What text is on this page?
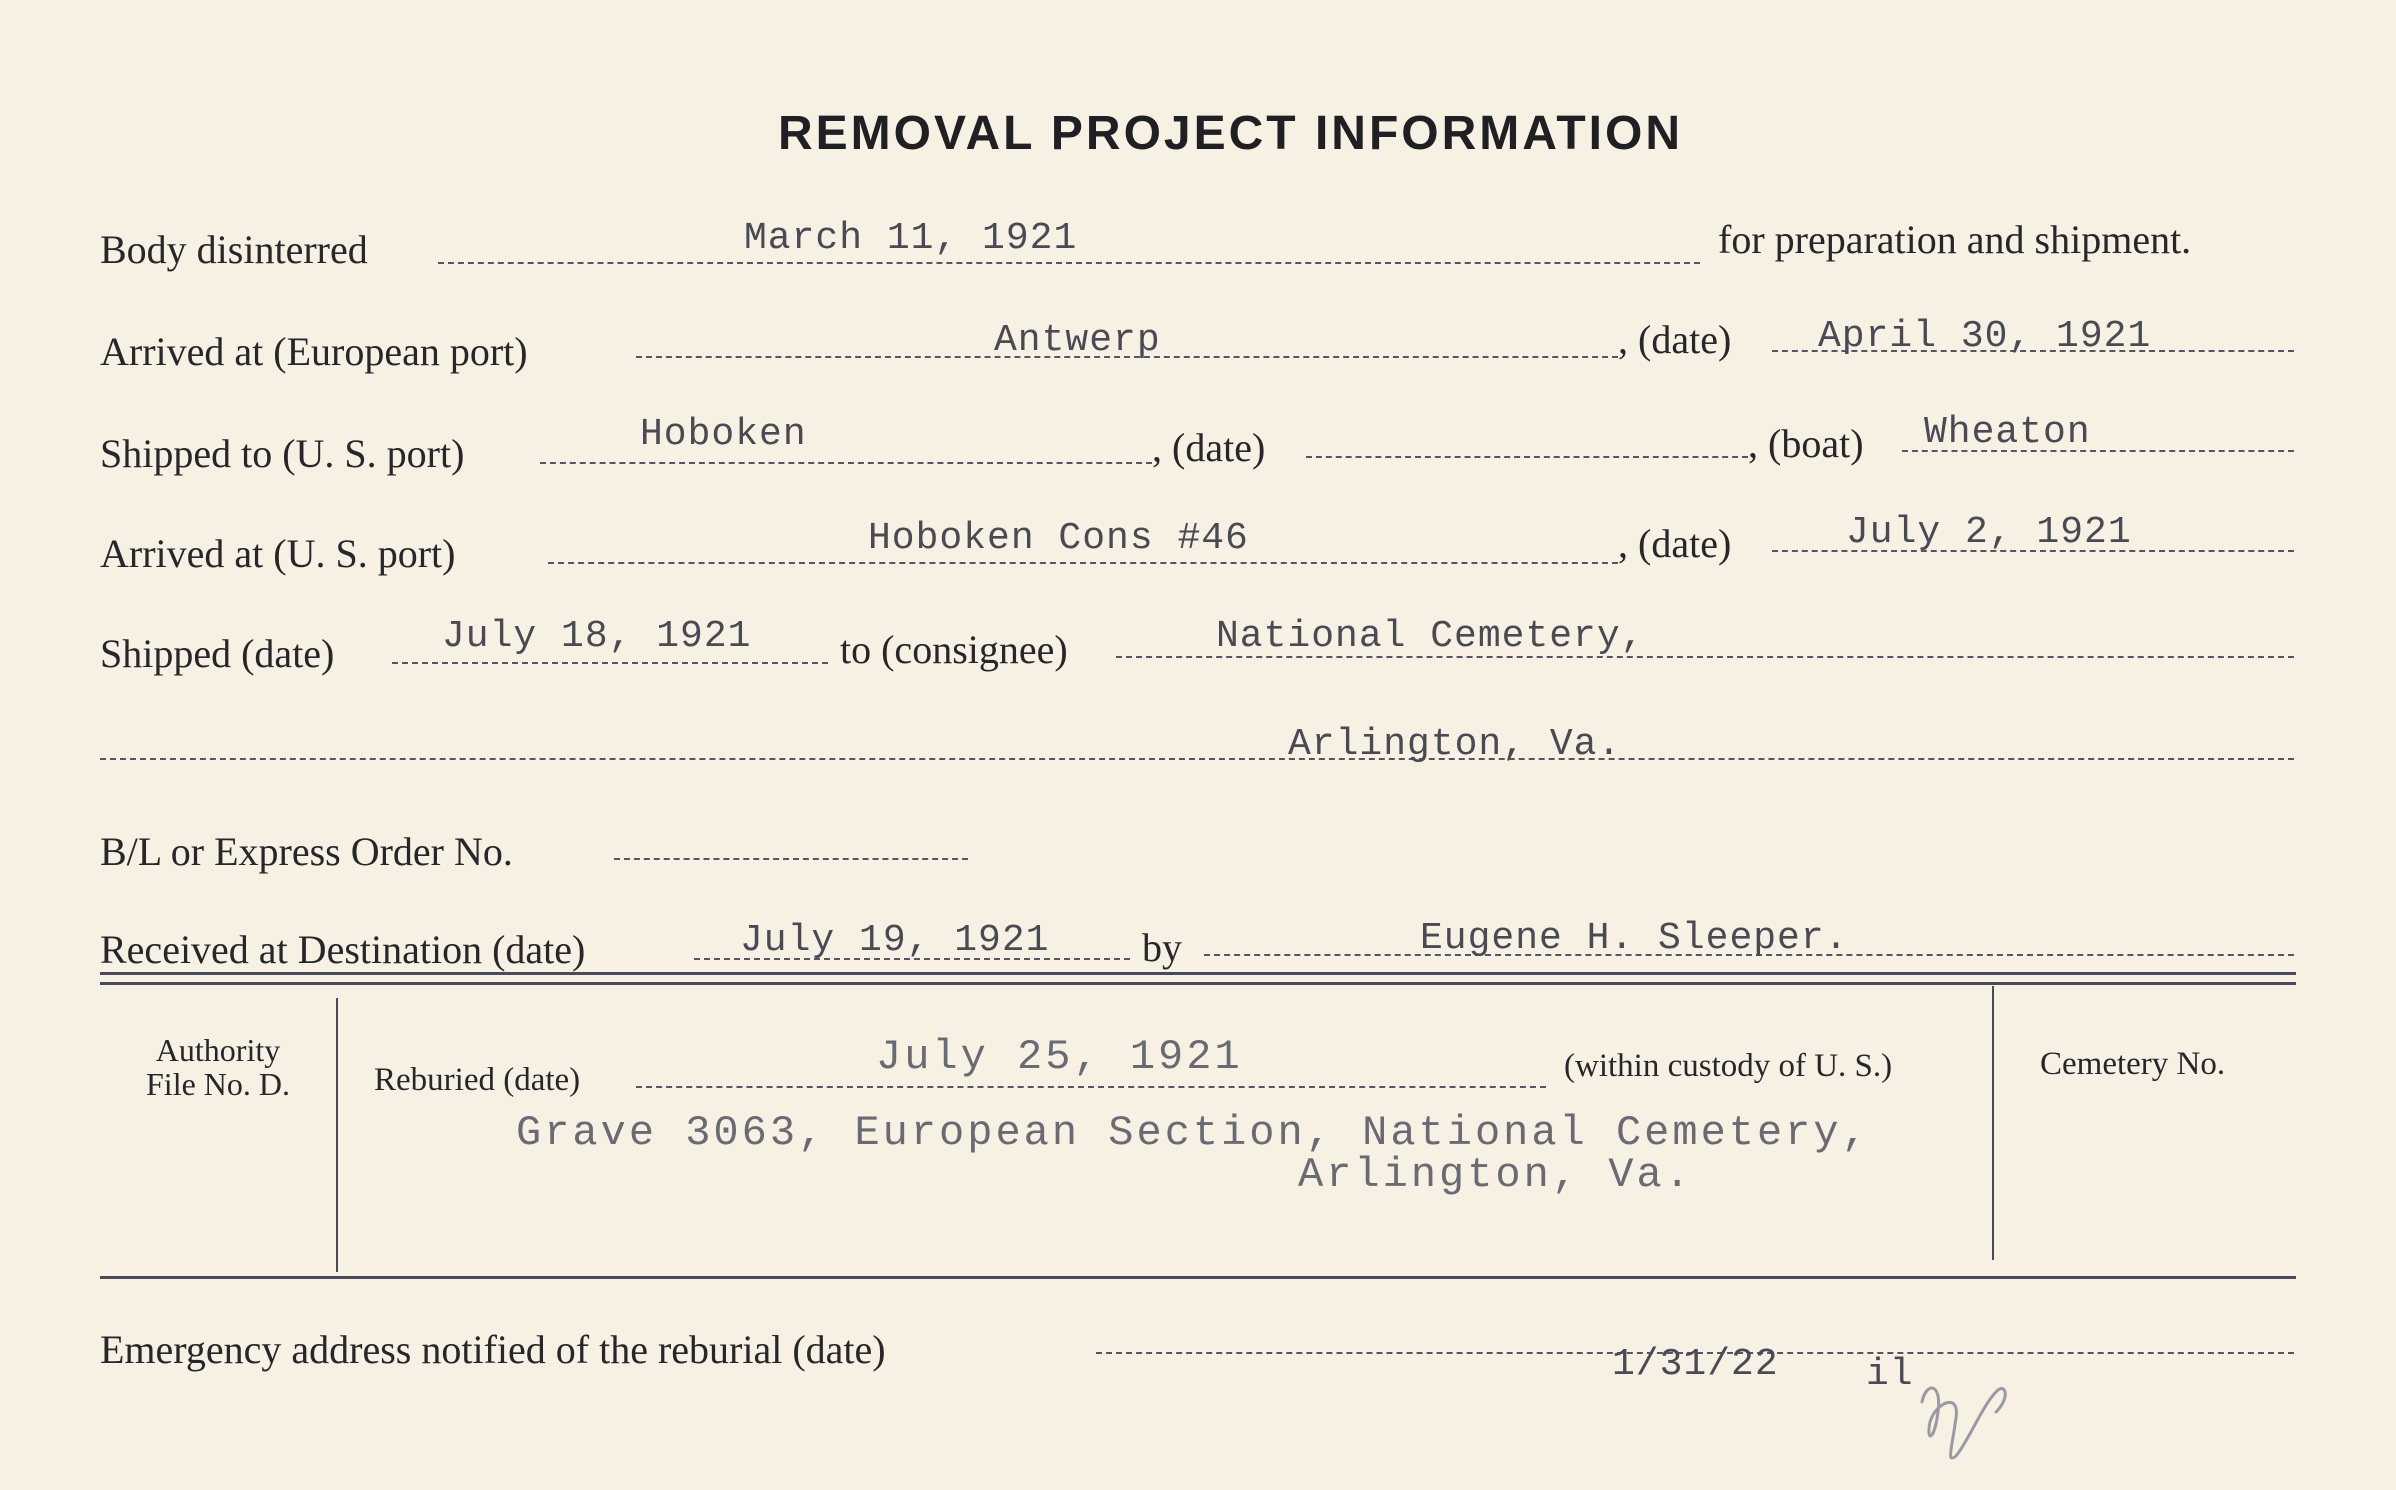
REMOVAL PROJECT INFORMATION
Body disinterred	March 11, 1921	for preparation and shipment.
Arrived at (European port)	Antwerp	, (date) April 30, 1921
Shipped to (U. S. port)	Hoboken	, (date)	, (boat) Wheaton
Arrived at (U. S. port)	Hoboken Cons #46	, (date)	July 2, 1921
Shipped (date)	July 18, 1921 to (consignee)	National Cemetery,
Arlington, Va.
B/L or Express Order No.
Received at Destination (date)	July 19, 1921 by	Eugene H. Sleeper.
Authority
File No. D.	Reburied (date)	July 25, 1921	(within custody of U. S.)
Grave 3063, European Section, National Cemetery,
Arlington, Va.
Cemetery No.
Emergency address notified of the reburial (date)	1/31/22 il
